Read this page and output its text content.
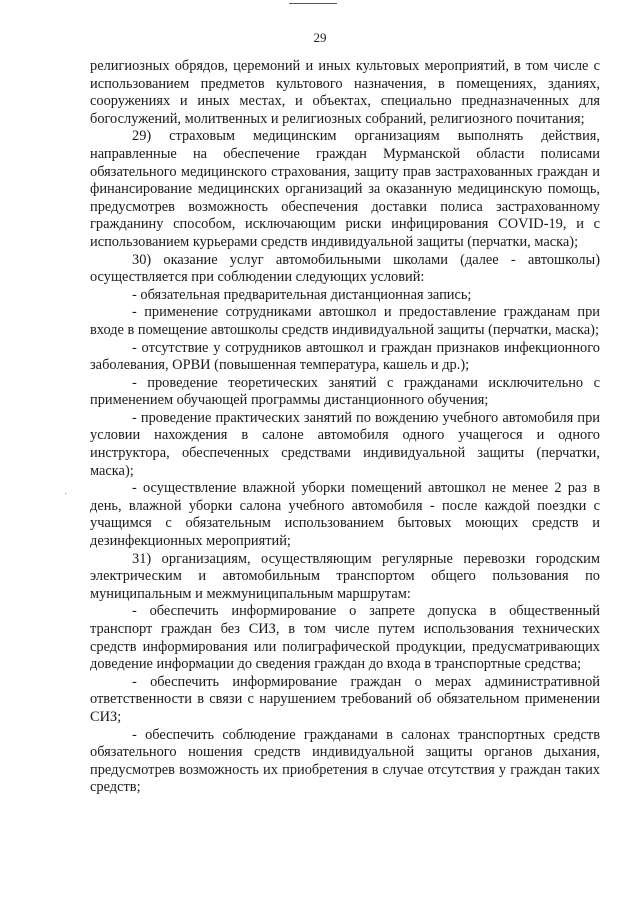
29
·

религиозных обрядов, церемоний и иных культовых мероприятий, в том числе с использованием предметов культового назначения, в помещениях, зданиях, сооружениях и иных местах, и объектах, специально предназначенных для богослужений, молитвенных и религиозных собраний, религиозного почитания;

29) страховым медицинским организациям выполнять действия, направленные на обеспечение граждан Мурманской области полисами обязательного медицинского страхования, защиту прав застрахованных граждан и финансирование медицинских организаций за оказанную медицинскую помощь, предусмотрев возможность обеспечения доставки полиса застрахованному гражданину способом, исключающим риски инфицирования COVID-19, и с использованием курьерами средств индивидуальной защиты (перчатки, маска);

30) оказание услуг автомобильными школами (далее - автошколы) осуществляется при соблюдении следующих условий:

- обязательная предварительная дистанционная запись;

- применение сотрудниками автошкол и предоставление гражданам при входе в помещение автошколы средств индивидуальной защиты (перчатки, маска);

- отсутствие у сотрудников автошкол и граждан признаков инфекционного заболевания, ОРВИ (повышенная температура, кашель и др.);

- проведение теоретических занятий с гражданами исключительно с применением обучающей программы дистанционного обучения;

- проведение практических занятий по вождению учебного автомобиля при условии нахождения в салоне автомобиля одного учащегося и одного инструктора, обеспеченных средствами индивидуальной защиты (перчатки, маска);

- осуществление влажной уборки помещений автошкол не менее 2 раз в день, влажной уборки салона учебного автомобиля - после каждой поездки с учащимся с обязательным использованием бытовых моющих средств и дезинфекционных мероприятий;

31) организациям, осуществляющим регулярные перевозки городским электрическим и автомобильным транспортом общего пользования по муниципальным и межмуниципальным маршрутам:

- обеспечить информирование о запрете допуска в общественный транспорт граждан без СИЗ, в том числе путем использования технических средств информирования или полиграфической продукции, предусматривающих доведение информации до сведения граждан до входа в транспортные средства;

- обеспечить информирование граждан о мерах административной ответственности в связи с нарушением требований об обязательном применении СИЗ;

- обеспечить соблюдение гражданами в салонах транспортных средств обязательного ношения средств индивидуальной защиты органов дыхания, предусмотрев возможность их приобретения в случае отсутствия у граждан таких средств;
